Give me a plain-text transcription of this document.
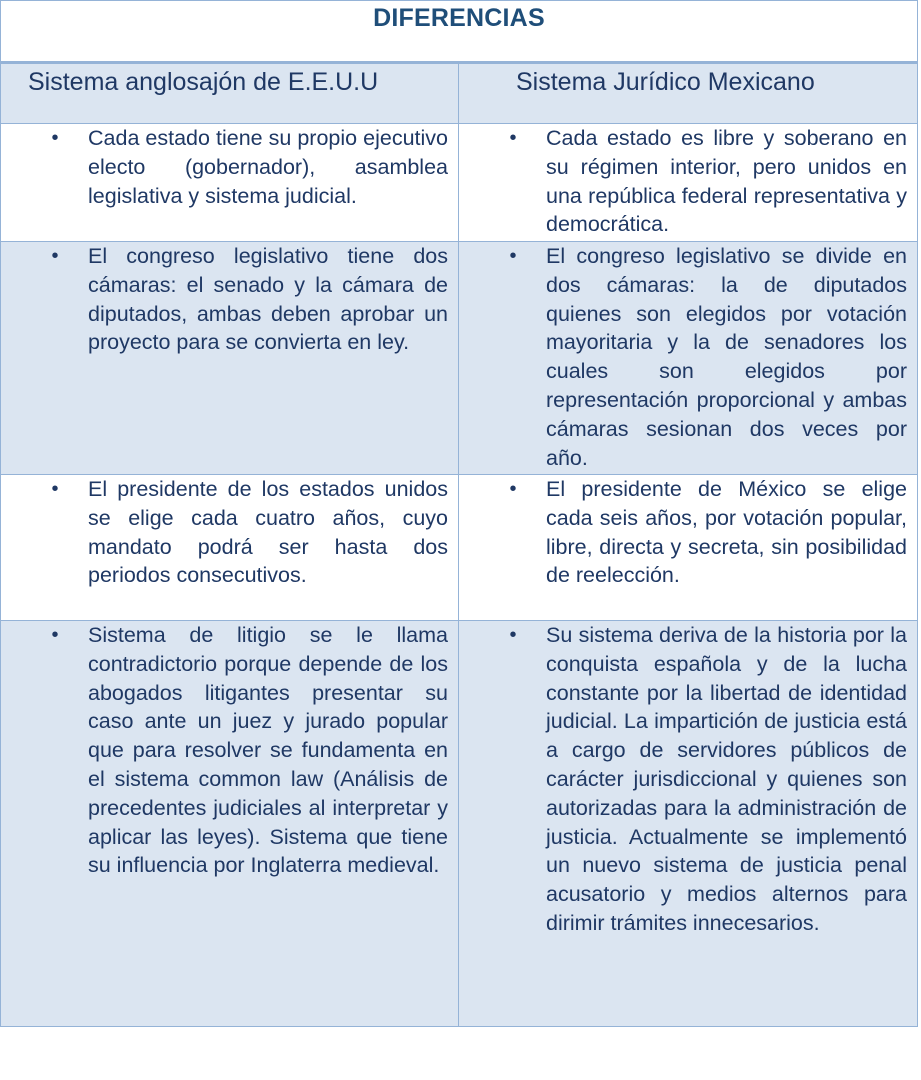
DIFERENCIAS
Sistema anglosajón de E.E.U.U	Sistema Jurídico Mexicano
• Cada estado tiene su propio ejecutivo electo (gobernador), asamblea legislativa y sistema judicial.
• Cada estado es libre y soberano en su régimen interior, pero unidos en una república federal representativa y democrática.
• El congreso legislativo tiene dos cámaras: el senado y la cámara de diputados, ambas deben aprobar un proyecto para se convierta en ley.
• El congreso legislativo se divide en dos cámaras: la de diputados quienes son elegidos por votación mayoritaria y la de senadores los cuales son elegidos por representación proporcional y ambas cámaras sesionan dos veces por año.
• El presidente de los estados unidos se elige cada cuatro años, cuyo mandato podrá ser hasta dos periodos consecutivos.
• El presidente de México se elige cada seis años, por votación popular, libre, directa y secreta, sin posibilidad de reelección.
• Sistema de litigio se le llama contradictorio porque depende de los abogados litigantes presentar su caso ante un juez y jurado popular que para resolver se fundamenta en el sistema common law (Análisis de precedentes judiciales al interpretar y aplicar las leyes). Sistema que tiene su influencia por Inglaterra medieval.
• Su sistema deriva de la historia por la conquista española y de la lucha constante por la libertad de identidad judicial. La impartición de justicia está a cargo de servidores públicos de carácter jurisdiccional y quienes son autorizadas para la administración de justicia. Actualmente se implementó un nuevo sistema de justicia penal acusatorio y medios alternos para dirimir trámites innecesarios.
